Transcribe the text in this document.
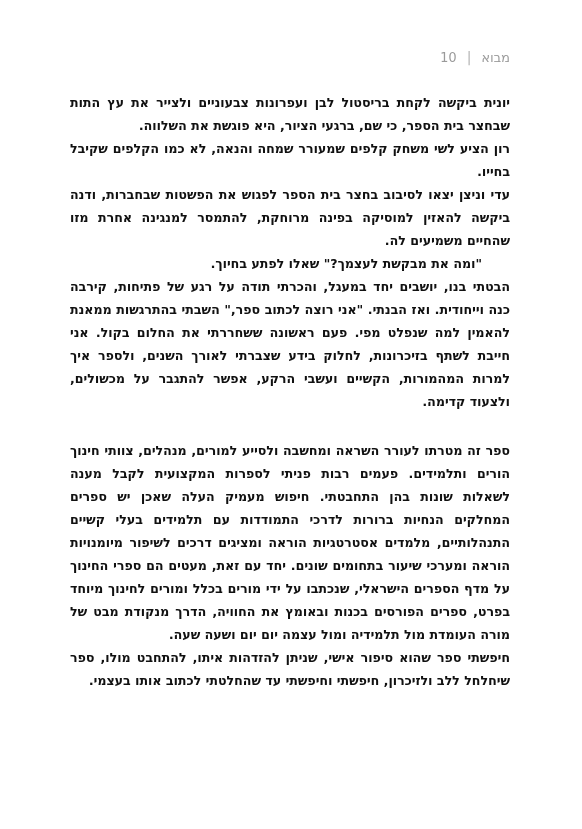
10 | מבוא

יונית ביקשה לקחת בריסטול לבן ועפרונות צבעוניים ולצייר את עץ התות שבחצר בית הספר, כי שם, ברגעי הציור, היא פוגשת את השלווה.

רון הציע לשי משחק קלפים שמעורר שמחה והנאה, לא כמו הקלפים שקיבל בחייו.

עדי וניצן יצאו לסיבוב בחצר בית הספר לפגוש את הפשטות שבחברות, ודנה ביקשה להאזין למוסיקה בפינה מרוחקת, להתמסר למנגינה אחרת מזו שהחיים משמיעים לה.

"ומה את מבקשת לעצמך?" שאלו לפתע בחיוך.

הבטתי בנו, יושבים יחד במעגל, והכרתי תודה על רגע של פתיחות, קירבה כנה וייחודית. ואז הבנתי. "אני רוצה לכתוב ספר," השבתי בהתרגשות ממאנת להאמין למה שנפלט מפי. פעם ראשונה ששחררתי את החלום בקול. אני חייבת לשתף בזיכרונות, לחלוק בידע שצברתי לאורך השנים, ולספר איך למרות המהמורות, הקשיים ועשבי הרקע, אפשר להתגבר על מכשולים, ולצעוד קדימה.

ספר זה מטרתו לעורר השראה ומחשבה ולסייע למורים, מנהלים, צוותי חינוך הורים ותלמידים. פעמים רבות פניתי לספרות המקצועית לקבל מענה לשאלות שונות בהן התחבטתי. חיפוש מעמיק העלה שאכן יש ספרים המחלקים הנחיות ברורות לדרכי התמודדות עם תלמידים בעלי קשיים התנהלותיים, מלמדים אסטרטגיות הוראה ומציגים דרכים לשיפור מיומנויות הוראה ומערכי שיעור בתחומים שונים. יחד עם זאת, מעטים הם ספרי החינוך על מדף הספרים הישראלי, שנכתבו על ידי מורים בכלל ומורים לחינוך מיוחד בפרט, ספרים הפורסים בכנות ובאומץ את החוויה, הדרך מנקודת מבט של מורה העומדת מול תלמידיה ומול עצמה יום יום ושעה שעה.

חיפשתי ספר שהוא סיפור אישי, שניתן להזדהות איתו, להתחבט מולו, ספר שיחלחל ללב ולזיכרון, חיפשתי וחיפשתי עד שהחלטתי לכתוב אותו בעצמי.
